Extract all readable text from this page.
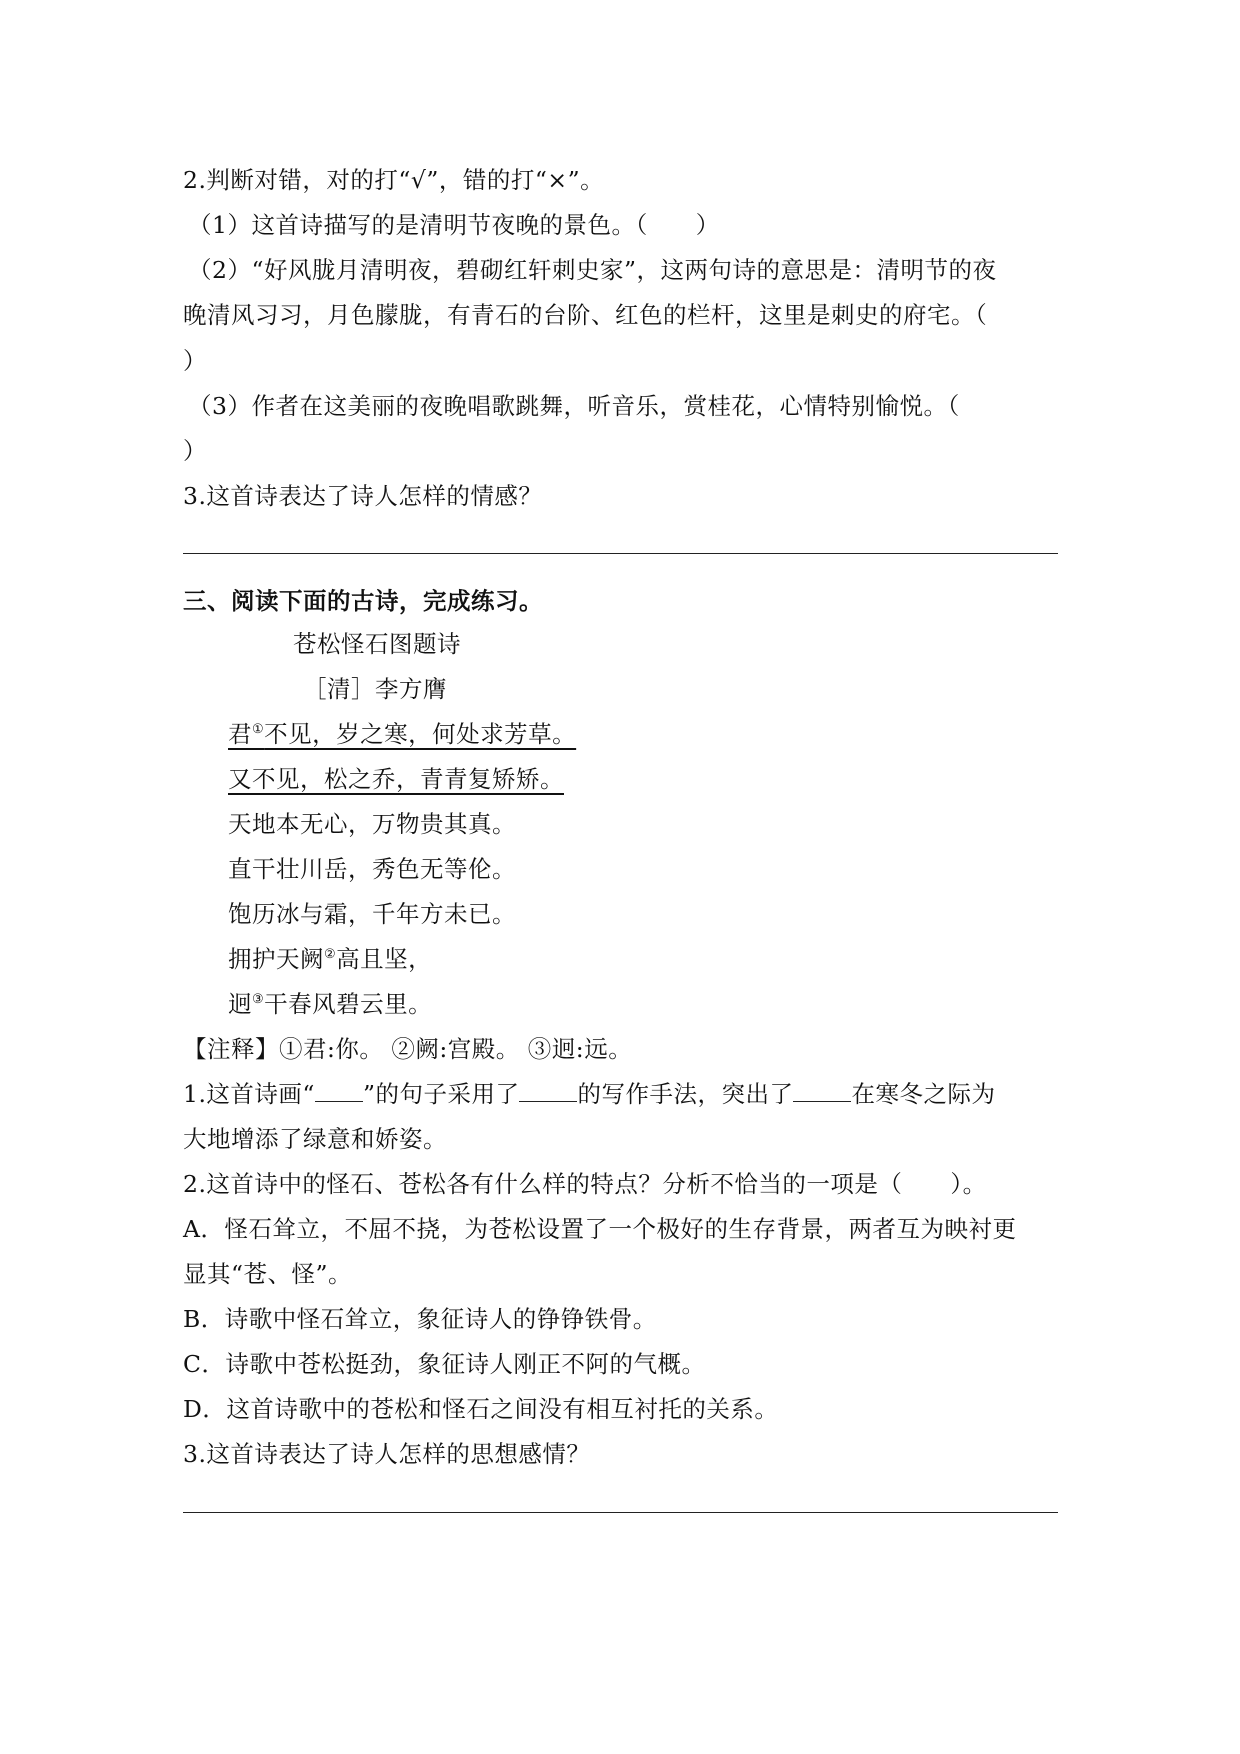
2.判断对错，对的打“√”，错的打“×”。
（1）这首诗描写的是清明节夜晚的景色。（　　）
（2）“好风胧月清明夜，碧砌红轩刺史家”，这两句诗的意思是：清明节的夜
晚清风习习，月色朦胧，有青石的台阶、红色的栏杆，这里是刺史的府宅。（
）
（3）作者在这美丽的夜晚唱歌跳舞，听音乐，赏桂花，心情特别愉悦。（
）
3.这首诗表达了诗人怎样的情感？
三、阅读下面的古诗，完成练习。
苍松怪石图题诗
［清］李方膺
君①不见，岁之寒，何处求芳草。
又不见，松之乔，青青复矫矫。
天地本无心，万物贵其真。
直干壮川岳，秀色无等伦。
饱历冰与霜，千年方未已。
拥护天阙②高且坚，
迥③干春风碧云里。
【注释】①君:你。 ②阙:宫殿。 ③迥:远。
1.这首诗画“ ”的句子采用了 的写作手法，突出了 在寒冬之际为
大地增添了绿意和娇姿。
2.这首诗中的怪石、苍松各有什么样的特点？分析不恰当的一项是（　　）。
A．怪石耸立，不屈不挠，为苍松设置了一个极好的生存背景，两者互为映衬更
显其“苍、怪”。
B．诗歌中怪石耸立，象征诗人的铮铮铁骨。
C．诗歌中苍松挺劲，象征诗人刚正不阿的气概。
D．这首诗歌中的苍松和怪石之间没有相互衬托的关系。
3.这首诗表达了诗人怎样的思想感情？
